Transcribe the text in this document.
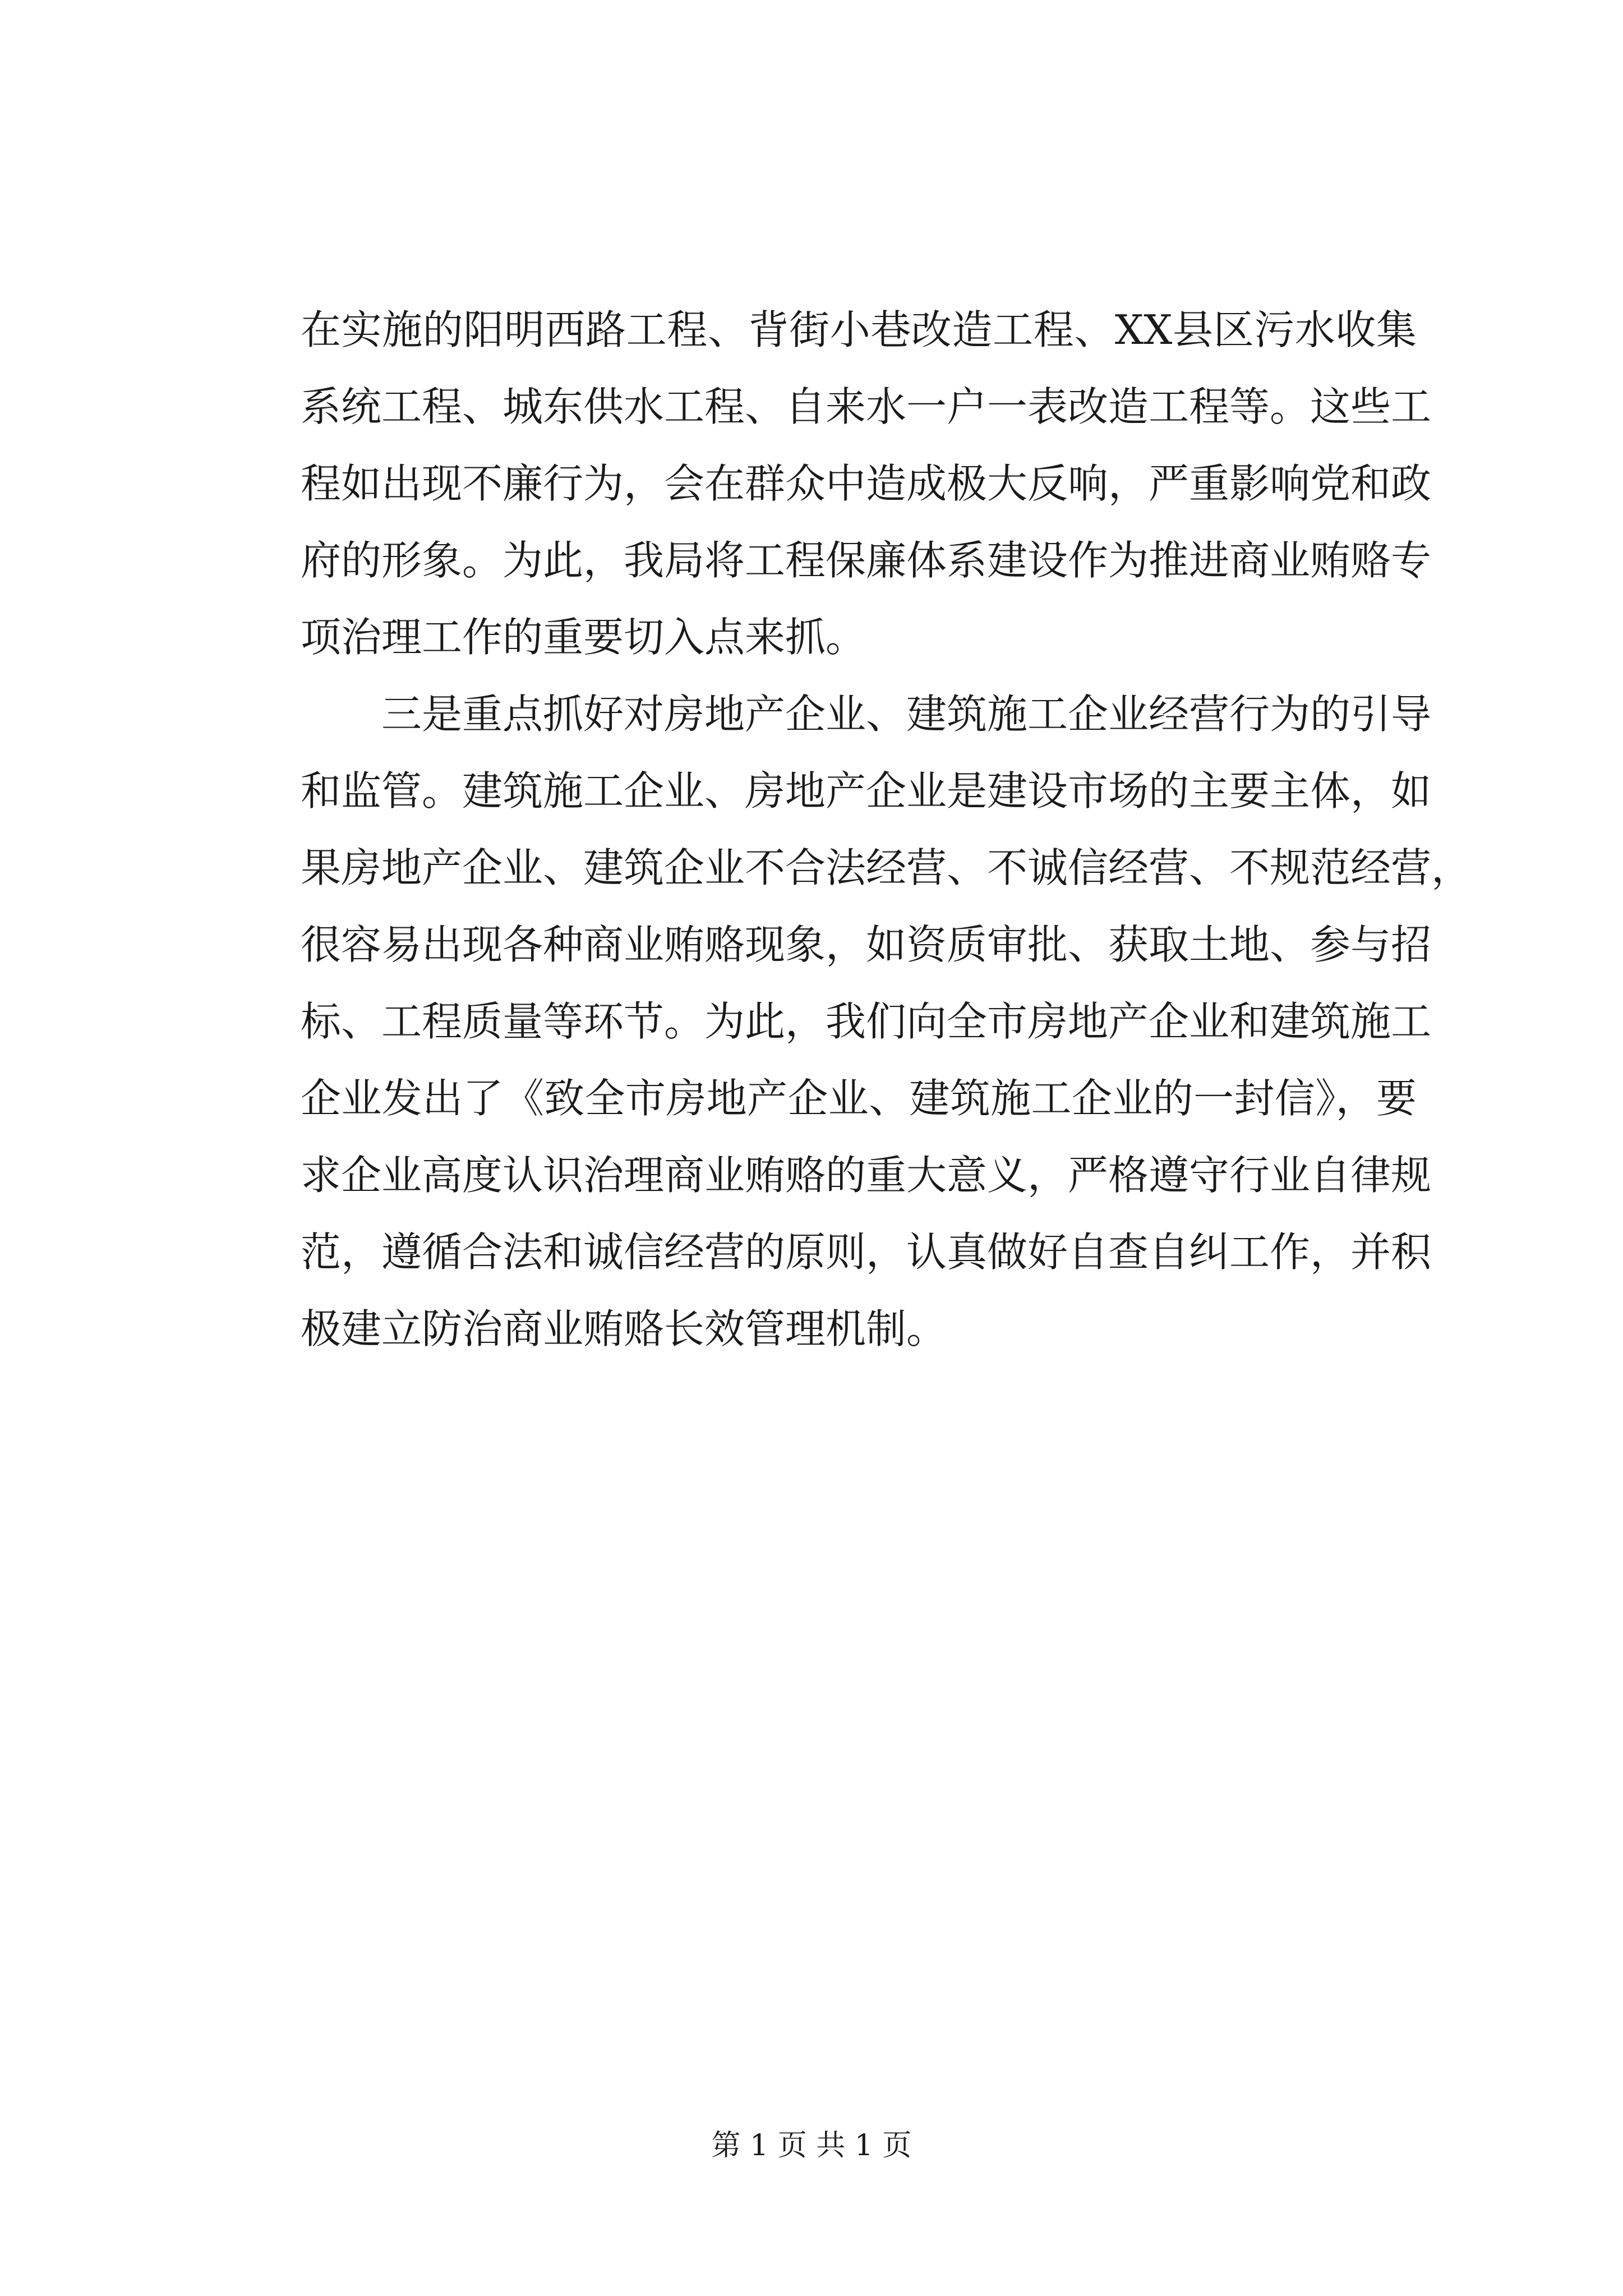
在实施的阳明西路工程、背街小巷改造工程、XX县区污水收集
系统工程、城东供水工程、自来水一户一表改造工程等。这些工
程如出现不廉行为，会在群众中造成极大反响，严重影响党和政
府的形象。为此，我局将工程保廉体系建设作为推进商业贿赂专
项治理工作的重要切入点来抓。

三是重点抓好对房地产企业、建筑施工企业经营行为的引导
和监管。建筑施工企业、房地产企业是建设市场的主要主体，如
果房地产企业、建筑企业不合法经营、不诚信经营、不规范经营，
很容易出现各种商业贿赂现象，如资质审批、获取土地、参与招
标、工程质量等环节。为此，我们向全市房地产企业和建筑施工
企业发出了《致全市房地产企业、建筑施工企业的一封信》，要
求企业高度认识治理商业贿赂的重大意义，严格遵守行业自律规
范，遵循合法和诚信经营的原则，认真做好自查自纠工作，并积
极建立防治商业贿赂长效管理机制。

第 1 页 共 1 页
